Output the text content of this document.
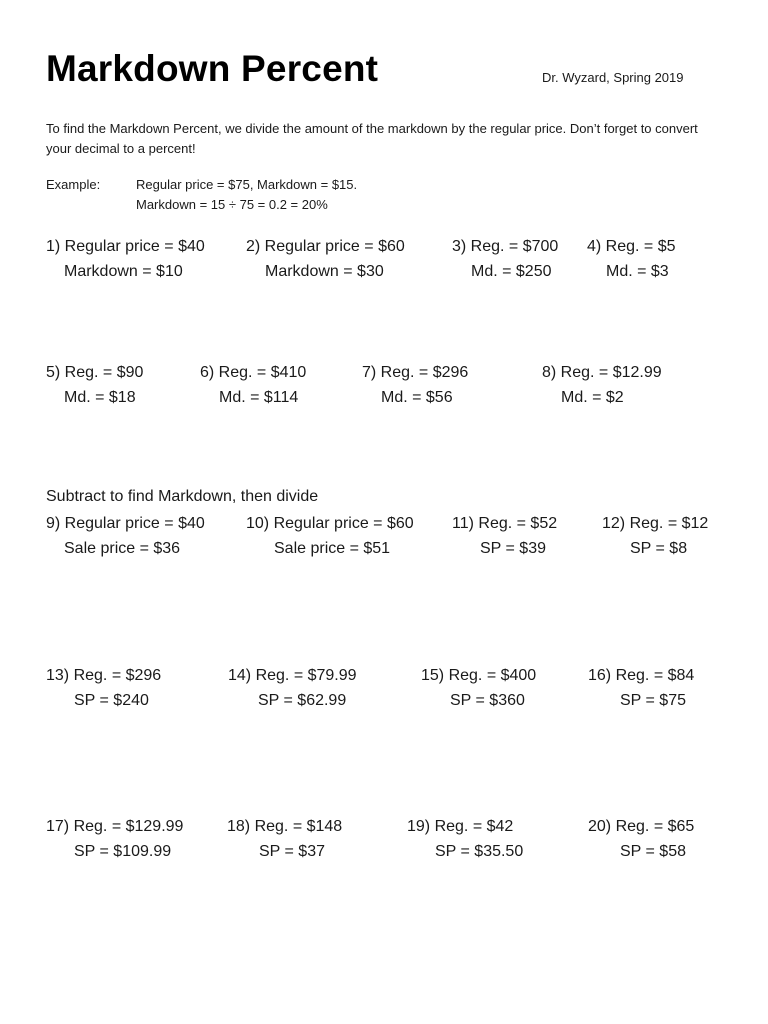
Markdown Percent	Dr. Wyzard, Spring 2019
To find the Markdown Percent, we divide the amount of the markdown by the regular price. Don’t forget to convert your decimal to a percent!
Example:	Regular price = $75, Markdown = $15.
Markdown = 15 ÷ 75 = 0.2 = 20%
1) Regular price = $40
Markdown = $10
2) Regular price = $60
Markdown = $30
3) Reg. = $700
Md. = $250
4) Reg. = $5
Md. = $3
5) Reg. = $90
Md. = $18
6) Reg. = $410
Md. = $114
7) Reg. = $296
Md. = $56
8) Reg. = $12.99
Md. = $2
Subtract to find Markdown, then divide
9) Regular price = $40
Sale price = $36
10) Regular price = $60
Sale price = $51
11) Reg. = $52
SP = $39
12) Reg. = $12
SP = $8
13) Reg. = $296
SP = $240
14) Reg. = $79.99
SP = $62.99
15) Reg. = $400
SP = $360
16) Reg. = $84
SP = $75
17) Reg. = $129.99
SP = $109.99
18) Reg. = $148
SP = $37
19) Reg. = $42
SP = $35.50
20) Reg. = $65
SP = $58
